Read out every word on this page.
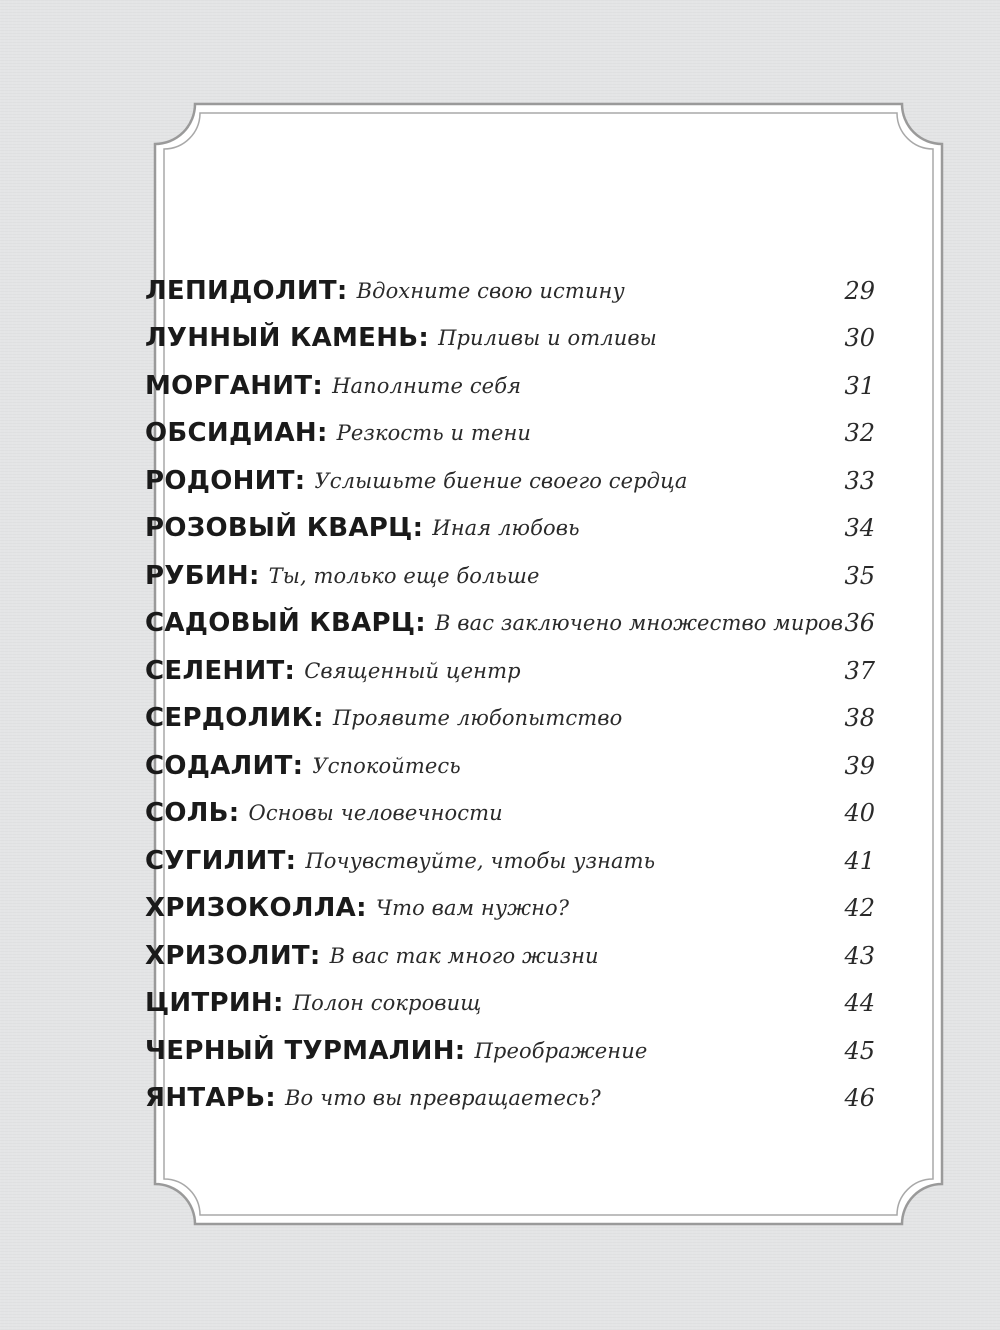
ЛЕПИДОЛИТ: Вдохните свою истину	29
ЛУННЫЙ КАМЕНЬ: Приливы и отливы	30
МОРГАНИТ: Наполните себя	31
ОБСИДИАН: Резкость и тени	32
РОДОНИТ: Услышьте биение своего сердца	33
РОЗОВЫЙ КВАРЦ: Иная любовь	34
РУБИН: Ты, только еще больше	35
САДОВЫЙ КВАРЦ: В вас заключено множество миров 36
СЕЛЕНИТ: Священный центр	37
СЕРДОЛИК: Проявите любопытство	38
СОДАЛИТ: Успокойтесь	39
СОЛЬ: Основы человечности	40
СУГИЛИТ: Почувствуйте, чтобы узнать	41
ХРИЗОКОЛЛА: Что вам нужно?	42
ХРИЗОЛИТ: В вас так много жизни	43
ЦИТРИН: Полон сокровищ	44
ЧЕРНЫЙ ТУРМАЛИН: Преображение	45
ЯНТАРЬ: Во что вы превращаетесь?	46
